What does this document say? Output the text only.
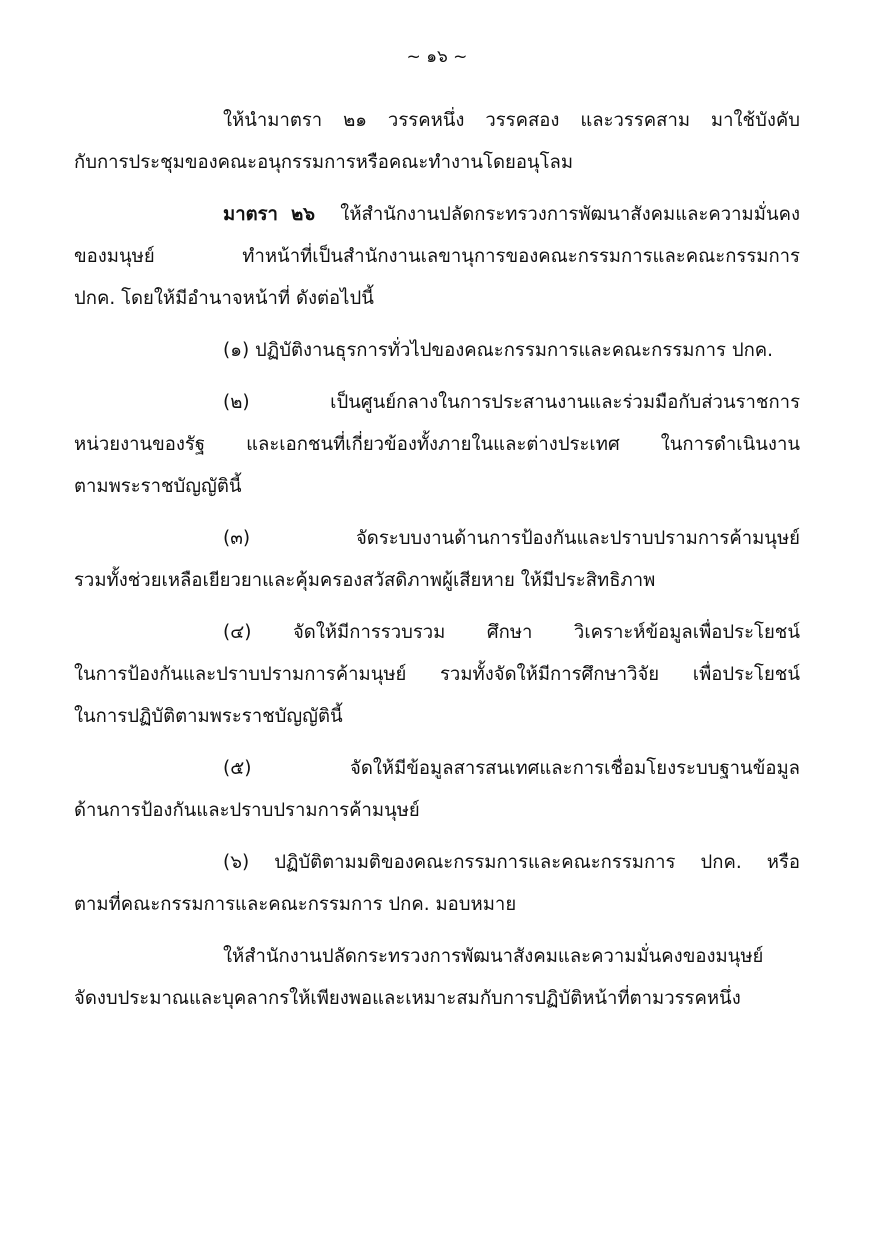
~ ๑๖ ~
ให้นำมาตรา ๒๑ วรรคหนึ่ง วรรคสอง และวรรคสาม มาใช้บังคับ
กับการประชุมของคณะอนุกรรมการหรือคณะทำงานโดยอนุโลม
มาตรา ๒๖ ให้สำนักงานปลัดกระทรวงการพัฒนาสังคมและความมั่นคง
ของมนุษย์ ทำหน้าที่เป็นสำนักงานเลขานุการของคณะกรรมการและคณะกรรมการ
ปกค. โดยให้มีอำนาจหน้าที่ ดังต่อไปนี้
(๑) ปฏิบัติงานธุรการทั่วไปของคณะกรรมการและคณะกรรมการ ปกค.
(๒) เป็นศูนย์กลางในการประสานงานและร่วมมือกับส่วนราชการ
หน่วยงานของรัฐ และเอกชนที่เกี่ยวข้องทั้งภายในและต่างประเทศ ในการดำเนินงาน
ตามพระราชบัญญัตินี้
(๓) จัดระบบงานด้านการป้องกันและปราบปรามการค้ามนุษย์
รวมทั้งช่วยเหลือเยียวยาและคุ้มครองสวัสดิภาพผู้เสียหาย ให้มีประสิทธิภาพ
(๔) จัดให้มีการรวบรวม ศึกษา วิเคราะห์ข้อมูลเพื่อประโยชน์
ในการป้องกันและปราบปรามการค้ามนุษย์ รวมทั้งจัดให้มีการศึกษาวิจัย เพื่อประโยชน์
ในการปฏิบัติตามพระราชบัญญัตินี้
(๕) จัดให้มีข้อมูลสารสนเทศและการเชื่อมโยงระบบฐานข้อมูล
ด้านการป้องกันและปราบปรามการค้ามนุษย์
(๖) ปฏิบัติตามมติของคณะกรรมการและคณะกรรมการ ปกค. หรือ
ตามที่คณะกรรมการและคณะกรรมการ ปกค. มอบหมาย
ให้สำนักงานปลัดกระทรวงการพัฒนาสังคมและความมั่นคงของมนุษย์
จัดงบประมาณและบุคลากรให้เพียงพอและเหมาะสมกับการปฏิบัติหน้าที่ตามวรรคหนึ่ง
